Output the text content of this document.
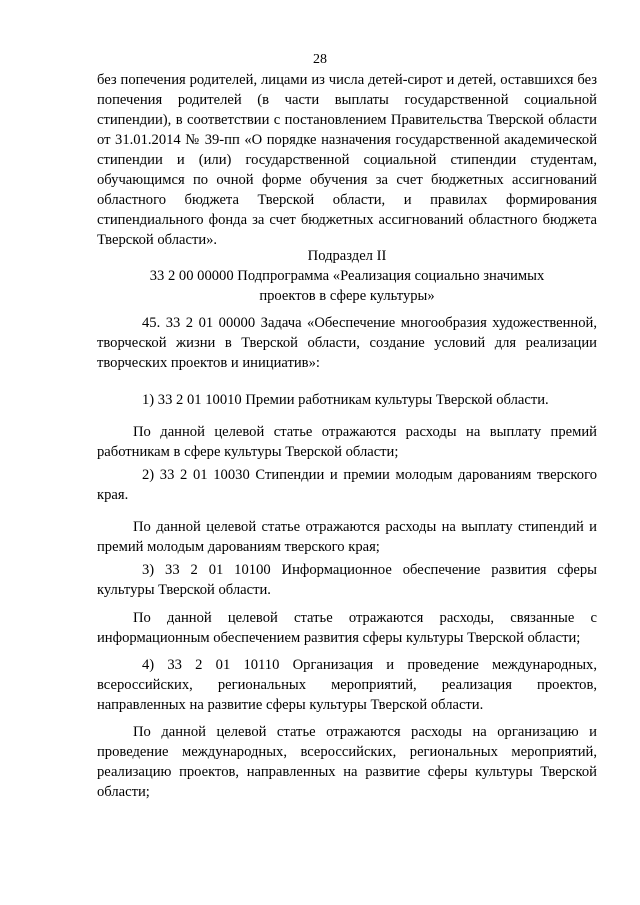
28

без попечения родителей, лицами из числа детей-сирот и детей, оставшихся без попечения родителей (в части выплаты государственной социальной стипендии), в соответствии с постановлением Правительства Тверской области от 31.01.2014 № 39-пп «О порядке назначения государственной академической стипендии и (или) государственной социальной стипендии студентам, обучающимся по очной форме обучения за счет бюджетных ассигнований областного бюджета Тверской области, и правилах формирования стипендиального фонда за счет бюджетных ассигнований областного бюджета Тверской области».

Подраздел II

33 2 00 00000 Подпрограмма «Реализация социально значимых

проектов в сфере культуры»

45. 33 2 01 00000 Задача «Обеспечение многообразия художественной, творческой жизни в Тверской области, создание условий для реализации творческих проектов и инициатив»:

1) 33 2 01 10010 Премии работникам культуры Тверской области.

По данной целевой статье отражаются расходы на выплату премий работникам в сфере культуры Тверской области;

2) 33 2 01 10030 Стипендии и премии молодым дарованиям тверского края.

По данной целевой статье отражаются расходы на выплату стипендий и премий молодым дарованиям тверского края;

3) 33 2 01 10100 Информационное обеспечение развития сферы культуры Тверской области.

По данной целевой статье отражаются расходы, связанные с информационным обеспечением развития сферы культуры Тверской области;

4) 33 2 01 10110 Организация и проведение международных, всероссийских, региональных мероприятий, реализация проектов, направленных на развитие сферы культуры Тверской области.

По данной целевой статье отражаются расходы на организацию и проведение международных, всероссийских, региональных мероприятий, реализацию проектов, направленных на развитие сферы культуры Тверской области;
